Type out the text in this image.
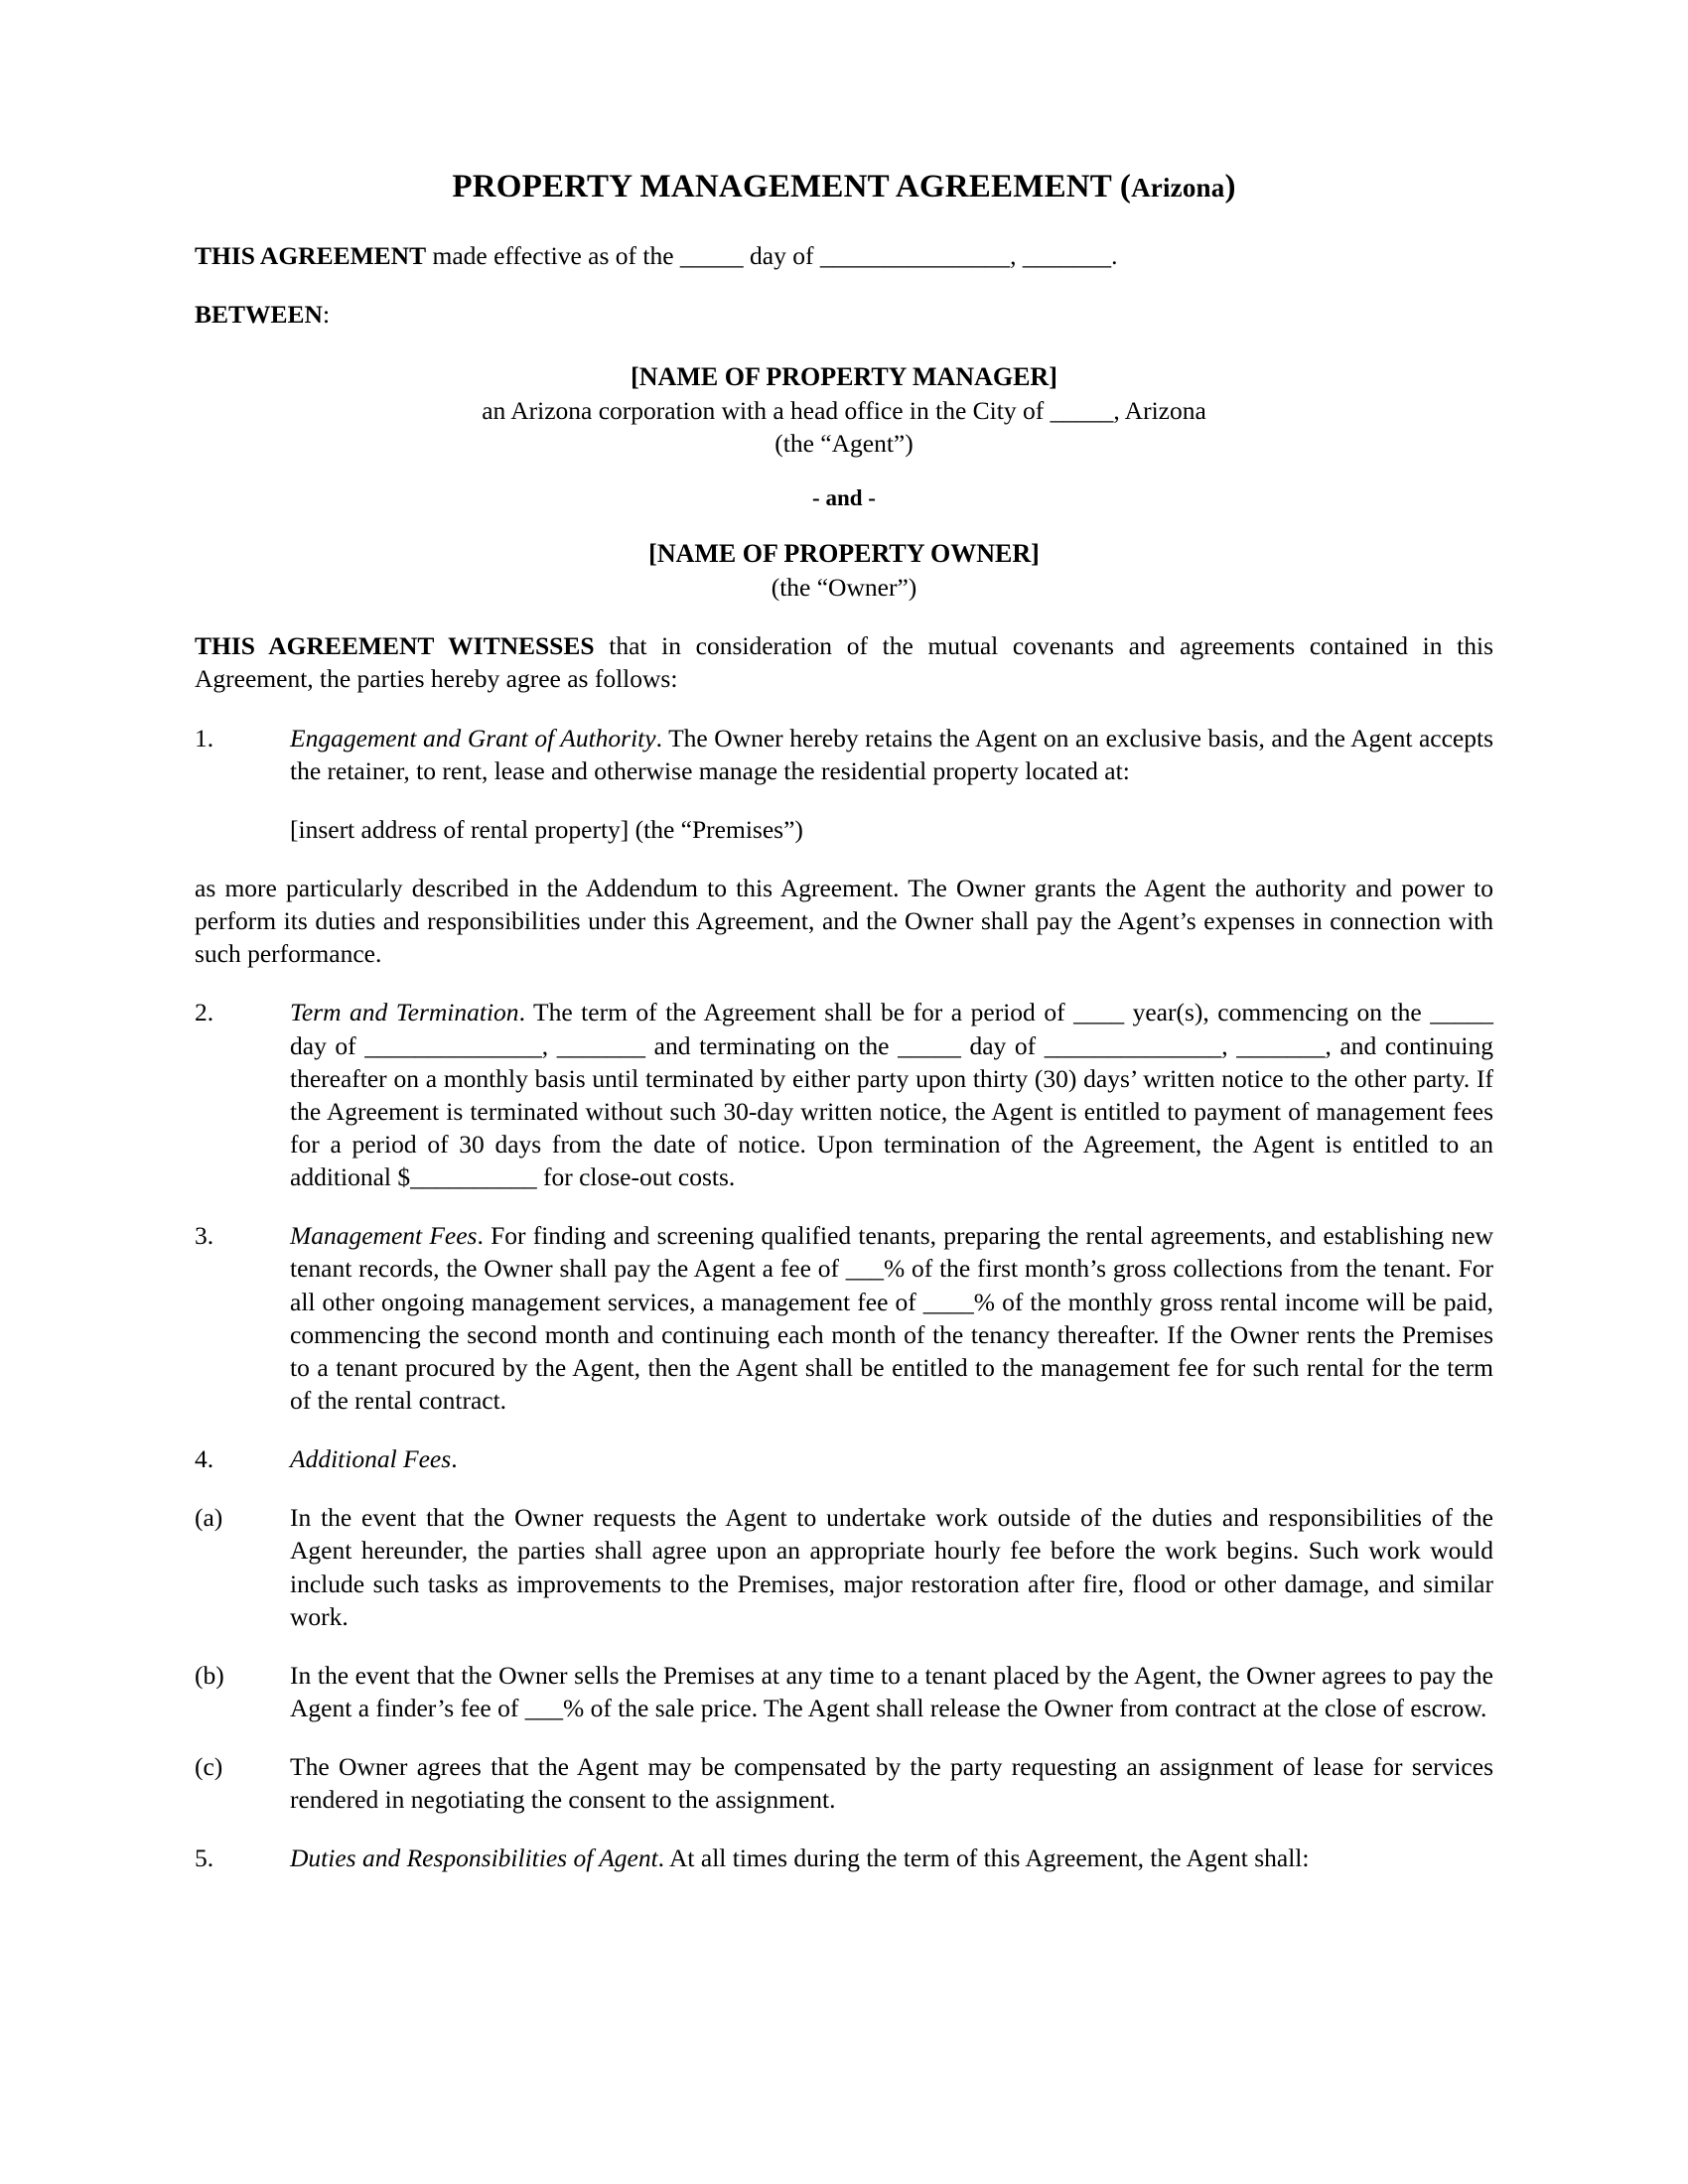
PROPERTY MANAGEMENT AGREEMENT (Arizona)

THIS AGREEMENT made effective as of the _____ day of _______________, _______.

BETWEEN:

[NAME OF PROPERTY MANAGER]
an Arizona corporation with a head office in the City of _____, Arizona
(the “Agent”)
- and -
[NAME OF PROPERTY OWNER]
(the “Owner”)

THIS AGREEMENT WITNESSES that in consideration of the mutual covenants and agreements contained in this Agreement, the parties hereby agree as follows:

1.	Engagement and Grant of Authority. The Owner hereby retains the Agent on an exclusive basis, and the Agent accepts the retainer, to rent, lease and otherwise manage the residential property located at:
[insert address of rental property] (the “Premises”)

as more particularly described in the Addendum to this Agreement. The Owner grants the Agent the authority and power to perform its duties and responsibilities under this Agreement, and the Owner shall pay the Agent’s expenses in connection with such performance.

2.	Term and Termination. The term of the Agreement shall be for a period of ____ year(s), commencing on the _____ day of ______________, _______ and terminating on the _____ day of ______________, _______, and continuing thereafter on a monthly basis until terminated by either party upon thirty (30) days’ written notice to the other party. If the Agreement is terminated without such 30-day written notice, the Agent is entitled to payment of management fees for a period of 30 days from the date of notice. Upon termination of the Agreement, the Agent is entitled to an additional $__________ for close-out costs.
3.	Management Fees. For finding and screening qualified tenants, preparing the rental agreements, and establishing new tenant records, the Owner shall pay the Agent a fee of ___% of the first month’s gross collections from the tenant. For all other ongoing management services, a management fee of ____% of the monthly gross rental income will be paid, commencing the second month and continuing each month of the tenancy thereafter. If the Owner rents the Premises to a tenant procured by the Agent, then the Agent shall be entitled to the management fee for such rental for the term of the rental contract.
4.	Additional Fees.
(a)	In the event that the Owner requests the Agent to undertake work outside of the duties and responsibilities of the Agent hereunder, the parties shall agree upon an appropriate hourly fee before the work begins. Such work would include such tasks as improvements to the Premises, major restoration after fire, flood or other damage, and similar work.
(b)	In the event that the Owner sells the Premises at any time to a tenant placed by the Agent, the Owner agrees to pay the Agent a finder’s fee of ___% of the sale price. The Agent shall release the Owner from contract at the close of escrow.
(c)	The Owner agrees that the Agent may be compensated by the party requesting an assignment of lease for services rendered in negotiating the consent to the assignment.
5.	Duties and Responsibilities of Agent. At all times during the term of this Agreement, the Agent shall:
